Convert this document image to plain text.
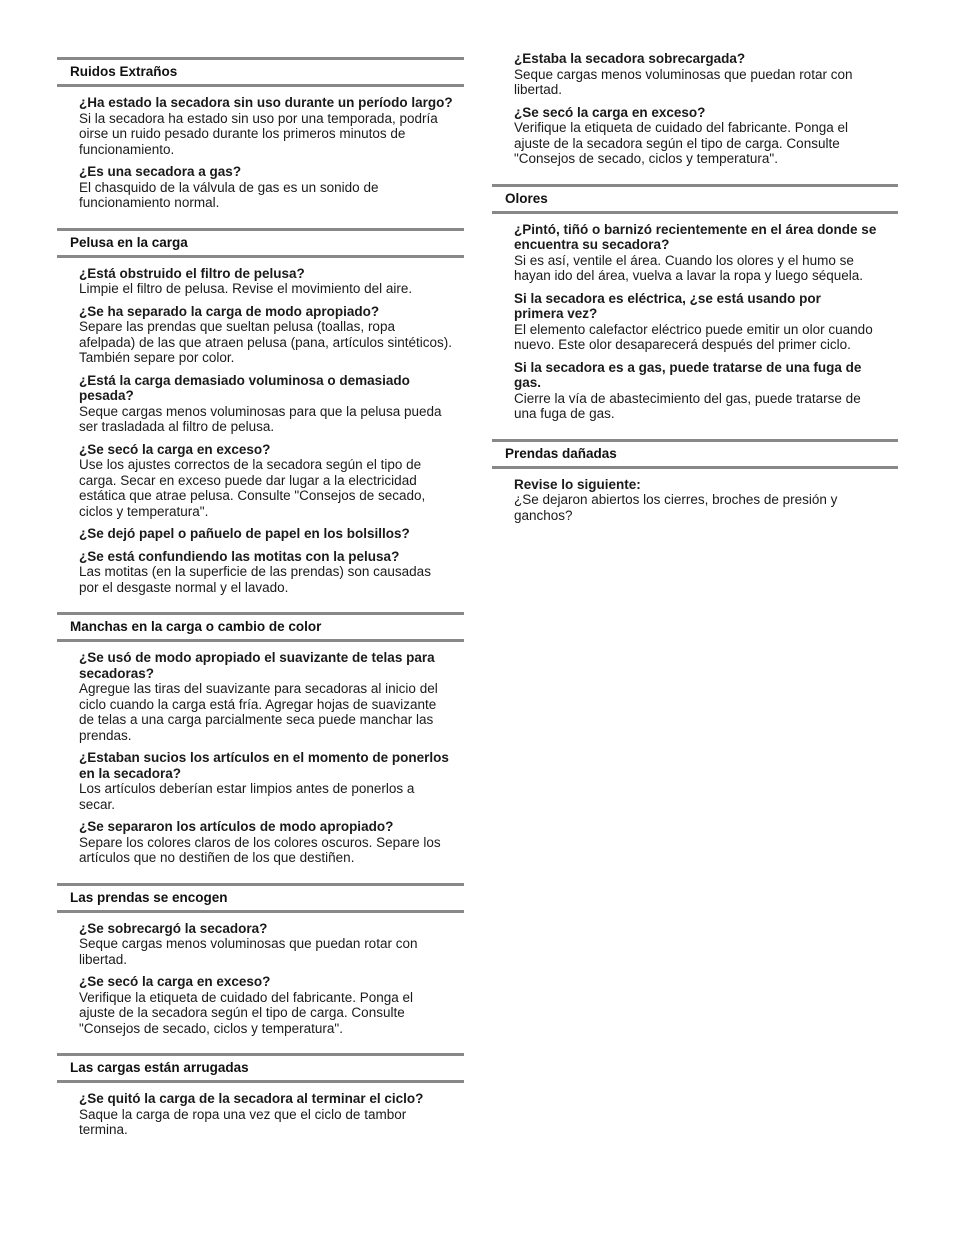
Ruidos Extraños
¿Ha estado la secadora sin uso durante un período largo?
Si la secadora ha estado sin uso por una temporada, podría
oirse un ruido pesado durante los primeros minutos de
funcionamiento.
¿Es una secadora a gas?
El chasquido de la válvula de gas es un sonido de
funcionamiento normal.
Pelusa en la carga
¿Está obstruido el filtro de pelusa?
Limpie el filtro de pelusa. Revise el movimiento del aire.
¿Se ha separado la carga de modo apropiado?
Separe las prendas que sueltan pelusa (toallas, ropa
afelpada) de las que atraen pelusa (pana, artículos sintéticos).
También separe por color.
¿Está la carga demasiado voluminosa o demasiado
pesada?
Seque cargas menos voluminosas para que la pelusa pueda
ser trasladada al filtro de pelusa.
¿Se secó la carga en exceso?
Use los ajustes correctos de la secadora según el tipo de
carga. Secar en exceso puede dar lugar a la electricidad
estática que atrae pelusa. Consulte "Consejos de secado,
ciclos y temperatura".
¿Se dejó papel o pañuelo de papel en los bolsillos?
¿Se está confundiendo las motitas con la pelusa?
Las motitas (en la superficie de las prendas) son causadas
por el desgaste normal y el lavado.
Manchas en la carga o cambio de color
¿Se usó de modo apropiado el suavizante de telas para
secadoras?
Agregue las tiras del suavizante para secadoras al inicio del
ciclo cuando la carga está fría. Agregar hojas de suavizante
de telas a una carga parcialmente seca puede manchar las
prendas.
¿Estaban sucios los artículos en el momento de ponerlos
en la secadora?
Los artículos deberían estar limpios antes de ponerlos a
secar.
¿Se separaron los artículos de modo apropiado?
Separe los colores claros de los colores oscuros. Separe los
artículos que no destiñen de los que destiñen.
Las prendas se encogen
¿Se sobrecargó la secadora?
Seque cargas menos voluminosas que puedan rotar con
libertad.
¿Se secó la carga en exceso?
Verifique la etiqueta de cuidado del fabricante. Ponga el
ajuste de la secadora según el tipo de carga. Consulte
"Consejos de secado, ciclos y temperatura".
Las cargas están arrugadas
¿Se quitó la carga de la secadora al terminar el ciclo?
Saque la carga de ropa una vez que el ciclo de tambor
termina.
¿Estaba la secadora sobrecargada?
Seque cargas menos voluminosas que puedan rotar con
libertad.
¿Se secó la carga en exceso?
Verifique la etiqueta de cuidado del fabricante. Ponga el
ajuste de la secadora según el tipo de carga. Consulte
"Consejos de secado, ciclos y temperatura".
Olores
¿Pintó, tiñó o barnizó recientemente en el área donde se
encuentra su secadora?
Si es así, ventile el área. Cuando los olores y el humo se
hayan ido del área, vuelva a lavar la ropa y luego séquela.
Si la secadora es eléctrica, ¿se está usando por
primera vez?
El elemento calefactor eléctrico puede emitir un olor cuando
nuevo. Este olor desaparecerá después del primer ciclo.
Si la secadora es a gas, puede tratarse de una fuga de
gas.
Cierre la vía de abastecimiento del gas, puede tratarse de
una fuga de gas.
Prendas dañadas
Revise lo siguiente:
¿Se dejaron abiertos los cierres, broches de presión y
ganchos?
